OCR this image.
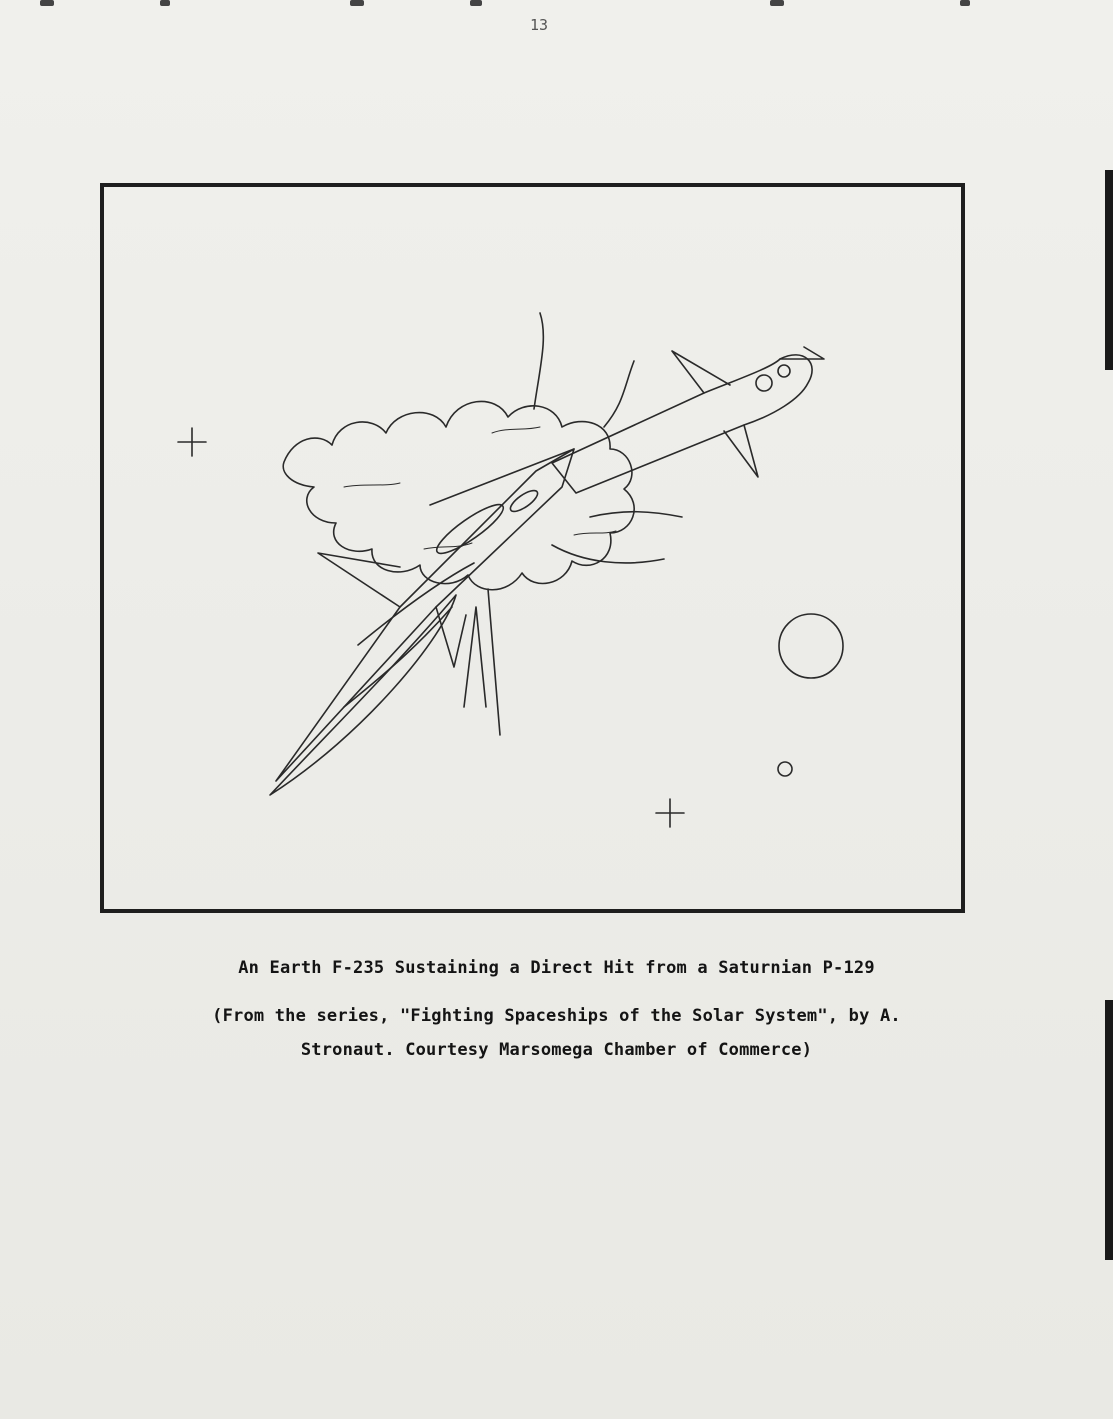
13
An Earth F-235 Sustaining a Direct Hit from a Saturnian P-129
(From the series, "Fighting Spaceships of the Solar System", by A.
Stronaut. Courtesy Marsomega Chamber of Commerce)
